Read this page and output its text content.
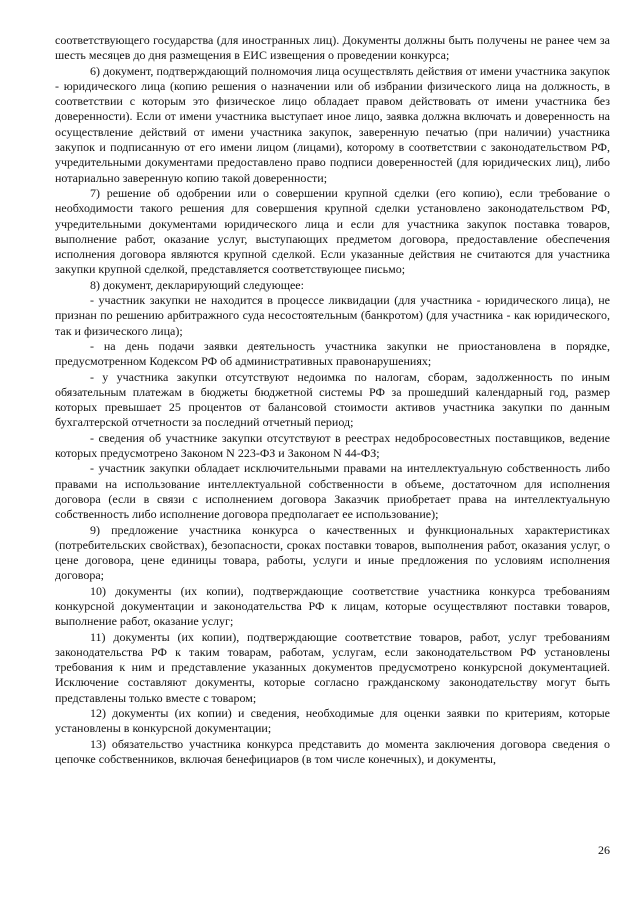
соответствующего государства (для иностранных лиц). Документы должны быть получены не ранее чем за шесть месяцев до дня размещения в ЕИС извещения о проведении конкурса;

6) документ, подтверждающий полномочия лица осуществлять действия от имени участника закупок - юридического лица (копию решения о назначении или об избрании физического лица на должность, в соответствии с которым это физическое лицо обладает правом действовать от имени участника без доверенности). Если от имени участника выступает иное лицо, заявка должна включать и доверенность на осуществление действий от имени участника закупок, заверенную печатью (при наличии) участника закупок и подписанную от его имени лицом (лицами), которому в соответствии с законодательством РФ, учредительными документами предоставлено право подписи доверенностей (для юридических лиц), либо нотариально заверенную копию такой доверенности;

7) решение об одобрении или о совершении крупной сделки (его копию), если требование о необходимости такого решения для совершения крупной сделки установлено законодательством РФ, учредительными документами юридического лица и если для участника закупок поставка товаров, выполнение работ, оказание услуг, выступающих предметом договора, предоставление обеспечения исполнения договора являются крупной сделкой. Если указанные действия не считаются для участника закупки крупной сделкой, представляется соответствующее письмо;

8) документ, декларирующий следующее:

- участник закупки не находится в процессе ликвидации (для участника - юридического лица), не признан по решению арбитражного суда несостоятельным (банкротом) (для участника - как юридического, так и физического лица);

- на день подачи заявки деятельность участника закупки не приостановлена в порядке, предусмотренном Кодексом РФ об административных правонарушениях;

- у участника закупки отсутствуют недоимка по налогам, сборам, задолженность по иным обязательным платежам в бюджеты бюджетной системы РФ за прошедший календарный год, размер которых превышает 25 процентов от балансовой стоимости активов участника закупки по данным бухгалтерской отчетности за последний отчетный период;

- сведения об участнике закупки отсутствуют в реестрах недобросовестных поставщиков, ведение которых предусмотрено Законом N 223-ФЗ и Законом N 44-ФЗ;

- участник закупки обладает исключительными правами на интеллектуальную собственность либо правами на использование интеллектуальной собственности в объеме, достаточном для исполнения договора (если в связи с исполнением договора Заказчик приобретает права на интеллектуальную собственность либо исполнение договора предполагает ее использование);

9) предложение участника конкурса о качественных и функциональных характеристиках (потребительских свойствах), безопасности, сроках поставки товаров, выполнения работ, оказания услуг, о цене договора, цене единицы товара, работы, услуги и иные предложения по условиям исполнения договора;

10) документы (их копии), подтверждающие соответствие участника конкурса требованиям конкурсной документации и законодательства РФ к лицам, которые осуществляют поставки товаров, выполнение работ, оказание услуг;

11) документы (их копии), подтверждающие соответствие товаров, работ, услуг требованиям законодательства РФ к таким товарам, работам, услугам, если законодательством РФ установлены требования к ним и представление указанных документов предусмотрено конкурсной документацией. Исключение составляют документы, которые согласно гражданскому законодательству могут быть представлены только вместе с товаром;

12) документы (их копии) и сведения, необходимые для оценки заявки по критериям, которые установлены в конкурсной документации;

13) обязательство участника конкурса представить до момента заключения договора сведения о цепочке собственников, включая бенефициаров (в том числе конечных), и документы,

26
